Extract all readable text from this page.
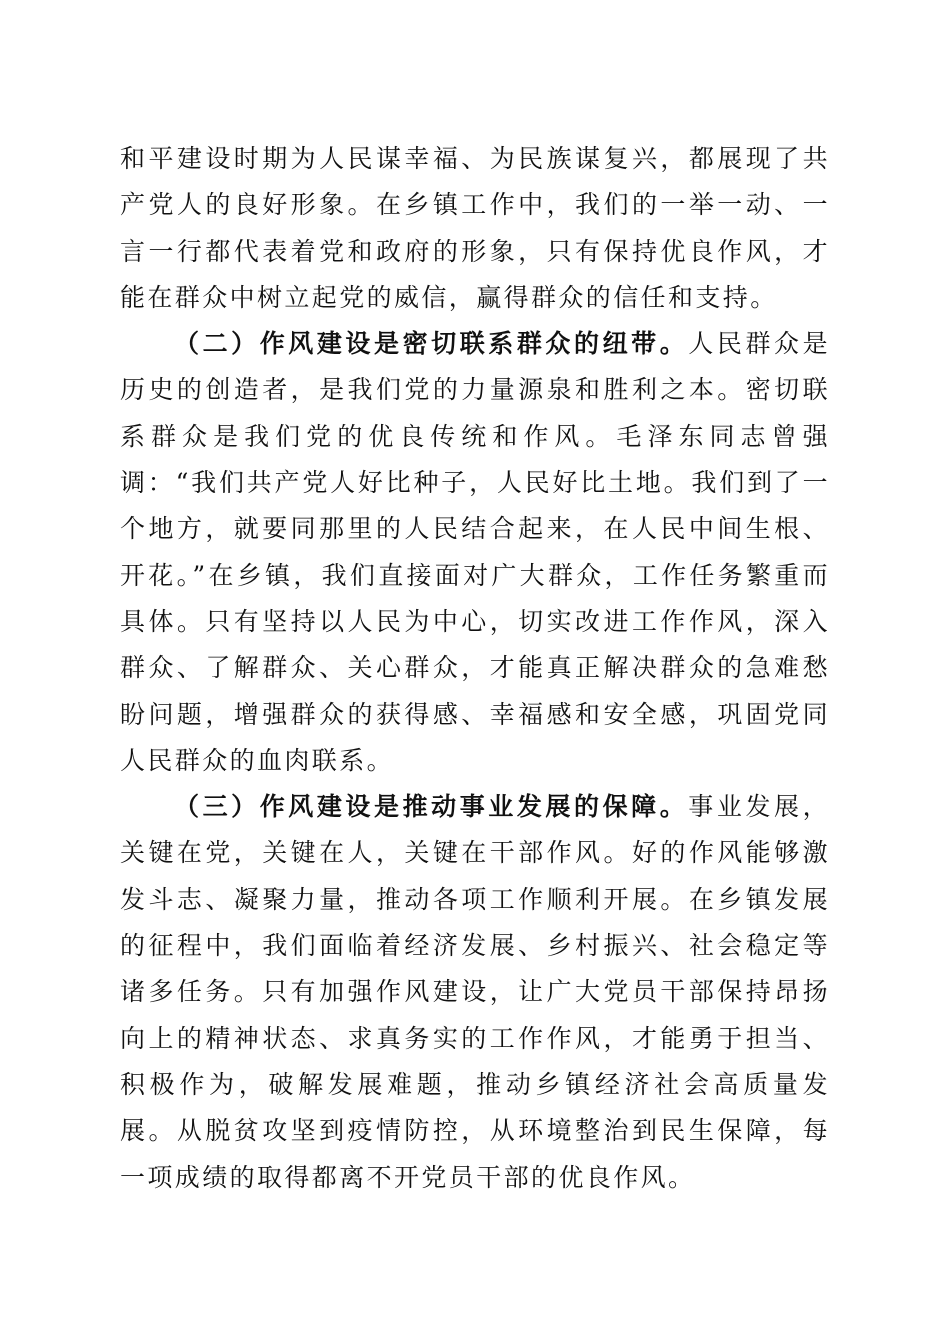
和平建设时期为人民谋幸福、为民族谋复兴，都展现了共产党人的良好形象。在乡镇工作中，我们的一举一动、一言一行都代表着党和政府的形象，只有保持优良作风，才能在群众中树立起党的威信，赢得群众的信任和支持。

（二）作风建设是密切联系群众的纽带。人民群众是历史的创造者，是我们党的力量源泉和胜利之本。密切联系群众是我们党的优良传统和作风。毛泽东同志曾强调：“我们共产党人好比种子，人民好比土地。我们到了一个地方，就要同那里的人民结合起来，在人民中间生根、开花。”在乡镇，我们直接面对广大群众，工作任务繁重而具体。只有坚持以人民为中心，切实改进工作作风，深入群众、了解群众、关心群众，才能真正解决群众的急难愁盼问题，增强群众的获得感、幸福感和安全感，巩固党同人民群众的血肉联系。

（三）作风建设是推动事业发展的保障。事业发展，关键在党，关键在人，关键在干部作风。好的作风能够激发斗志、凝聚力量，推动各项工作顺利开展。在乡镇发展的征程中，我们面临着经济发展、乡村振兴、社会稳定等诸多任务。只有加强作风建设，让广大党员干部保持昂扬向上的精神状态、求真务实的工作作风，才能勇于担当、积极作为，破解发展难题，推动乡镇经济社会高质量发展。从脱贫攻坚到疫情防控，从环境整治到民生保障，每一项成绩的取得都离不开党员干部的优良作风。
